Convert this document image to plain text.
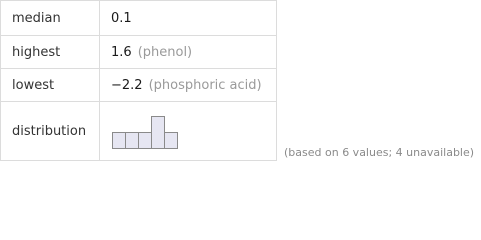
median	0.1
highest	1.6 (phenol)
lowest	−2.2 (phosphoric acid)
distribution	
(based on 6 values; 4 unavailable)
